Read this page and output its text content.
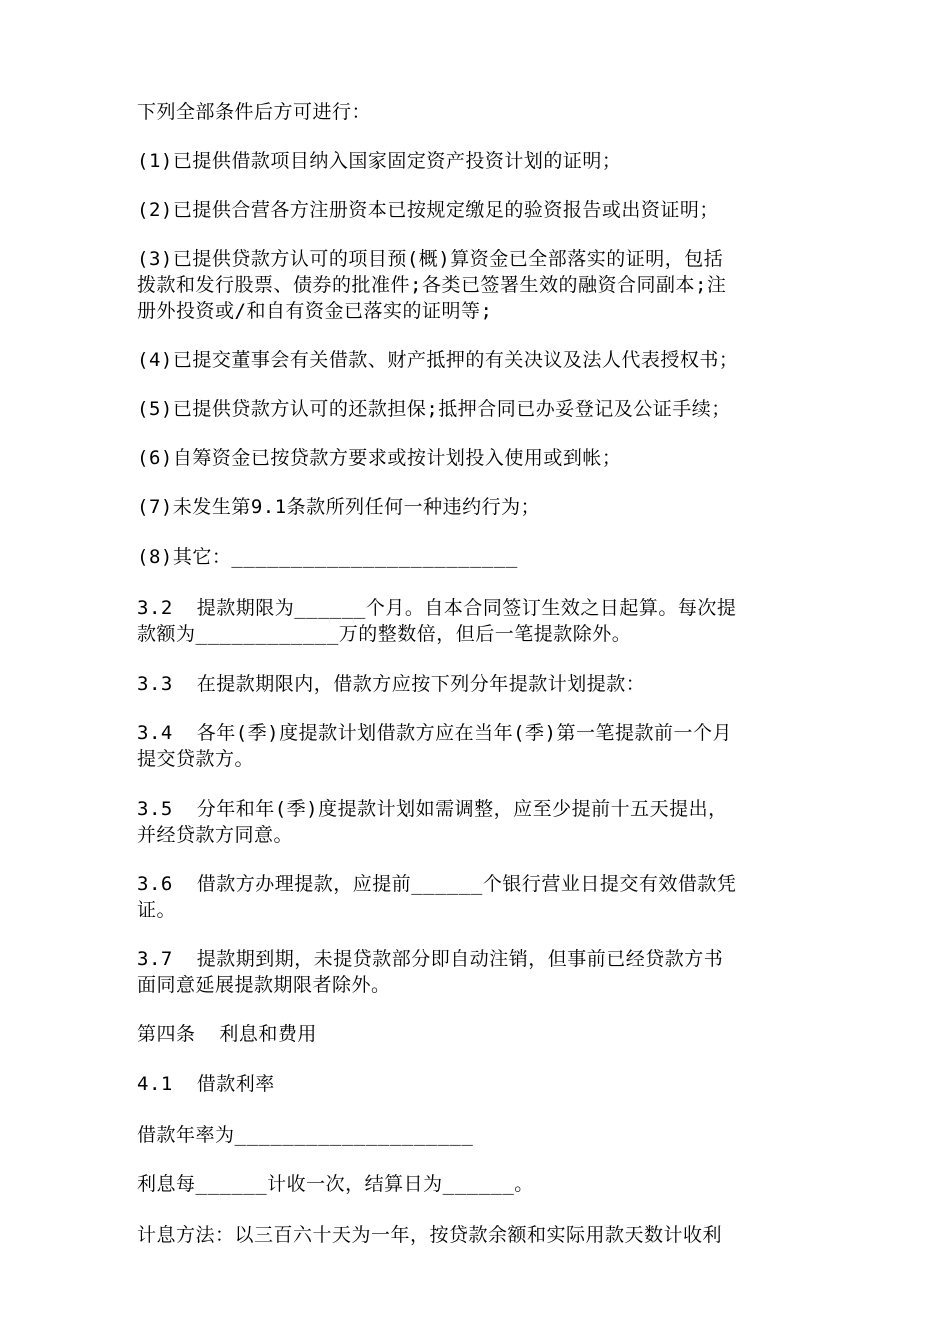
下列全部条件后方可进行：

(1)已提供借款项目纳入国家固定资产投资计划的证明；

(2)已提供合营各方注册资本已按规定缴足的验资报告或出资证明；

(3)已提供贷款方认可的项目预(概)算资金已全部落实的证明，包括

拨款和发行股票、债券的批准件;各类已签署生效的融资合同副本;注

册外投资或/和自有资金已落实的证明等;

(4)已提交董事会有关借款、财产抵押的有关决议及法人代表授权书；

(5)已提供贷款方认可的还款担保;抵押合同已办妥登记及公证手续；

(6)自筹资金已按贷款方要求或按计划投入使用或到帐；

(7)未发生第9.1条款所列任何一种违约行为；

(8)其它：________________________

3.2  提款期限为______个月。自本合同签订生效之日起算。每次提

款额为____________万的整数倍，但后一笔提款除外。

3.3  在提款期限内，借款方应按下列分年提款计划提款：

3.4  各年(季)度提款计划借款方应在当年(季)第一笔提款前一个月

提交贷款方。

3.5  分年和年(季)度提款计划如需调整，应至少提前十五天提出，

并经贷款方同意。

3.6  借款方办理提款，应提前______个银行营业日提交有效借款凭

证。

3.7  提款期到期，未提贷款部分即自动注销，但事前已经贷款方书

面同意延展提款期限者除外。

第四条  利息和费用

4.1  借款利率

借款年率为____________________

利息每______计收一次，结算日为______。

计息方法：以三百六十天为一年，按贷款余额和实际用款天数计收利
